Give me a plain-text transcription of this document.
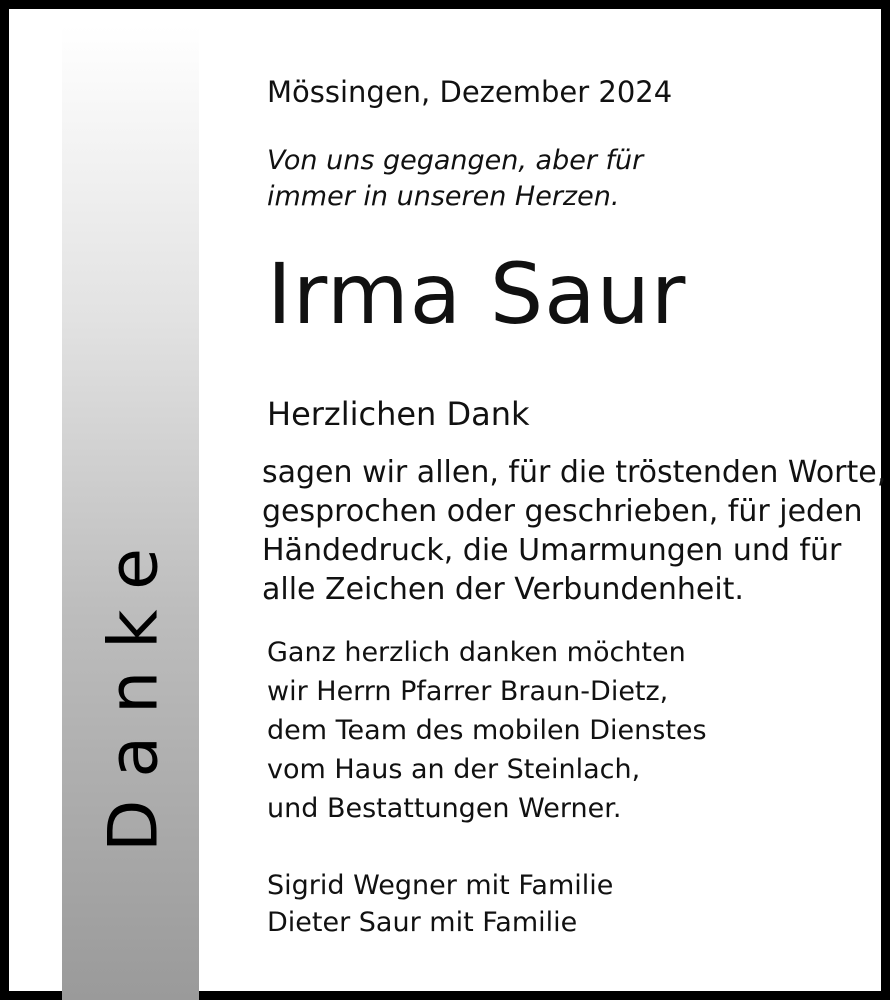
Danke
Mössingen, Dezember 2024
Von uns gegangen, aber für
immer in unseren Herzen.
Irma Saur
Herzlichen Dank
sagen wir allen, für die tröstenden Worte,
gesprochen oder geschrieben, für jeden
Händedruck, die Umarmungen und für
alle Zeichen der Verbundenheit.
Ganz herzlich danken möchten
wir Herrn Pfarrer Braun-Dietz,
dem Team des mobilen Dienstes
vom Haus an der Steinlach,
und Bestattungen Werner.
Sigrid Wegner mit Familie
Dieter Saur mit Familie
